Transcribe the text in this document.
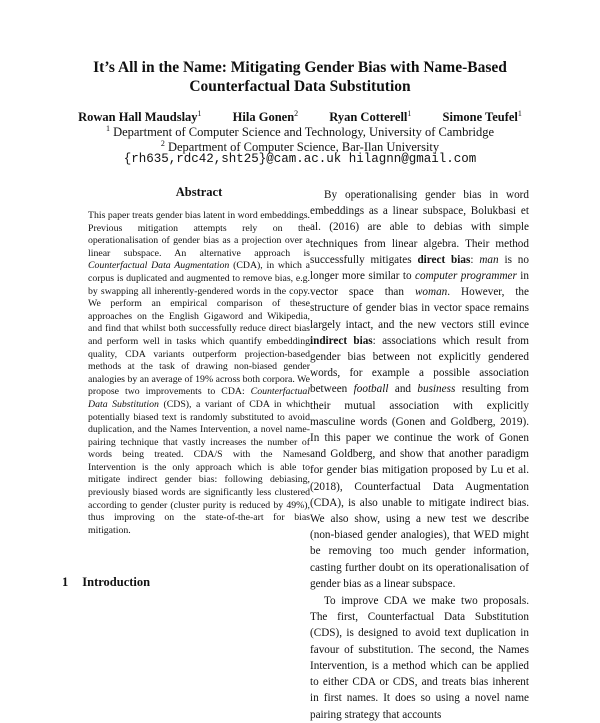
It’s All in the Name: Mitigating Gender Bias with Name-Based
Counterfactual Data Substitution
Rowan Hall Maudslay$^1$ Hila Gonen$^2$ Ryan Cotterell$^1$ Simone Teufel$^1$
$^1$ Department of Computer Science and Technology, University of Cambridge
$^2$ Department of Computer Science, Bar-Ilan University
{rh635,rdc42,sht25}@cam.ac.uk hilagnn@gmail.com
Abstract
This paper treats gender bias latent in word embeddings. Previous mitigation attempts rely on the operationalisation of gender bias as a projection over a linear subspace. An alternative approach is Counterfactual Data Augmentation (CDA), in which a corpus is duplicated and augmented to remove bias, e.g. by swapping all inherently-gendered words in the copy. We perform an empirical comparison of these approaches on the English Gigaword and Wikipedia, and find that whilst both successfully reduce direct bias and perform well in tasks which quantify embedding quality, CDA variants outperform projection-based methods at the task of drawing non-biased gender analogies by an average of 19% across both corpora. We propose two improvements to CDA: Counterfactual Data Substitution (CDS), a variant of CDA in which potentially biased text is randomly substituted to avoid duplication, and the Names Intervention, a novel name-pairing technique that vastly increases the number of words being treated. CDA/S with the Names Intervention is the only approach which is able to mitigate indirect gender bias: following debiasing, previously biased words are significantly less clustered according to gender (cluster purity is reduced by 49%), thus improving on the state-of-the-art for bias mitigation.
1 Introduction

By operationalising gender bias in word embeddings as a linear subspace, Bolukbasi et al. (2016) are able to debias with simple techniques from linear algebra. Their method successfully mitigates direct bias: man is no longer more similar to computer programmer in vector space than woman. However, the structure of gender bias in vector space remains largely intact, and the new vectors still evince indirect bias: associations which result from gender bias between not explicitly gendered words, for example a possible association between football and business resulting from their mutual association with explicitly masculine words (Gonen and Goldberg, 2019). In this paper we continue the work of Gonen and Goldberg, and show that another paradigm for gender bias mitigation proposed by Lu et al. (2018), Counterfactual Data Augmentation (CDA), is also unable to mitigate indirect bias. We also show, using a new test we describe (non-biased gender analogies), that WED might be removing too much gender information, casting further doubt on its operationalisation of gender bias as a linear subspace.

To improve CDA we make two proposals. The first, Counterfactual Data Substitution (CDS), is designed to avoid text duplication in favour of substitution. The second, the Names Intervention, is a method which can be applied to either CDA or CDS, and treats bias inherent in first names. It does so using a novel name pairing strategy that accounts
